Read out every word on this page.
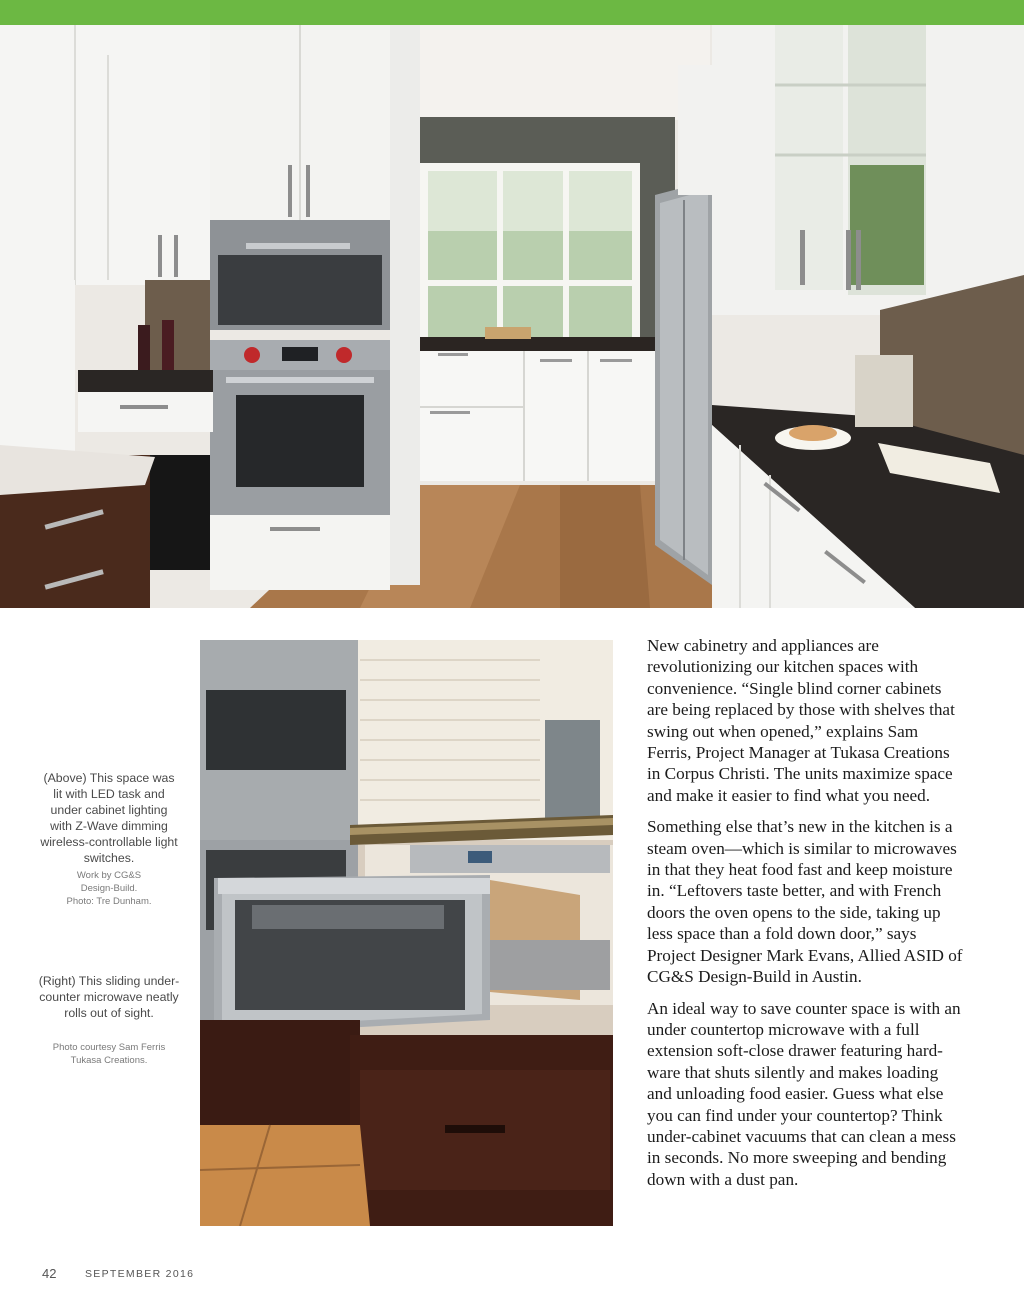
(Above) This space was lit with LED task and under cabinet lighting with Z-Wave dimming wireless-controllable light switches.
Work by CG&S
Design-Build.
Photo: Tre Dunham.
(Right) This sliding under-counter microwave neatly rolls out of sight.
Photo courtesy Sam Ferris
Tukasa Creations.

New cabinetry and appliances are revolutionizing our kitchen spaces with convenience. “Single blind corner cabinets are being replaced by those with shelves that swing out when opened,” explains Sam Ferris, Project Manager at Tukasa Creations in Corpus Christi. The units maximize space and make it easier to find what you need.

Something else that’s new in the kitchen is a steam oven—which is similar to microwaves in that they heat food fast and keep moisture in. “Leftovers taste better, and with French doors the oven opens to the side, taking up less space than a fold down door,” says Project Designer Mark Evans, Allied ASID of CG&S Design-Build in Austin.

An ideal way to save counter space is with an under countertop microwave with a full extension soft-close drawer featuring hard-ware that shuts silently and makes loading and unloading food easier. Guess what else you can find under your countertop? Think under-cabinet vacuums that can clean a mess in seconds. No more sweeping and bending down with a dust pan.

42	SEPTEMBER 2016
